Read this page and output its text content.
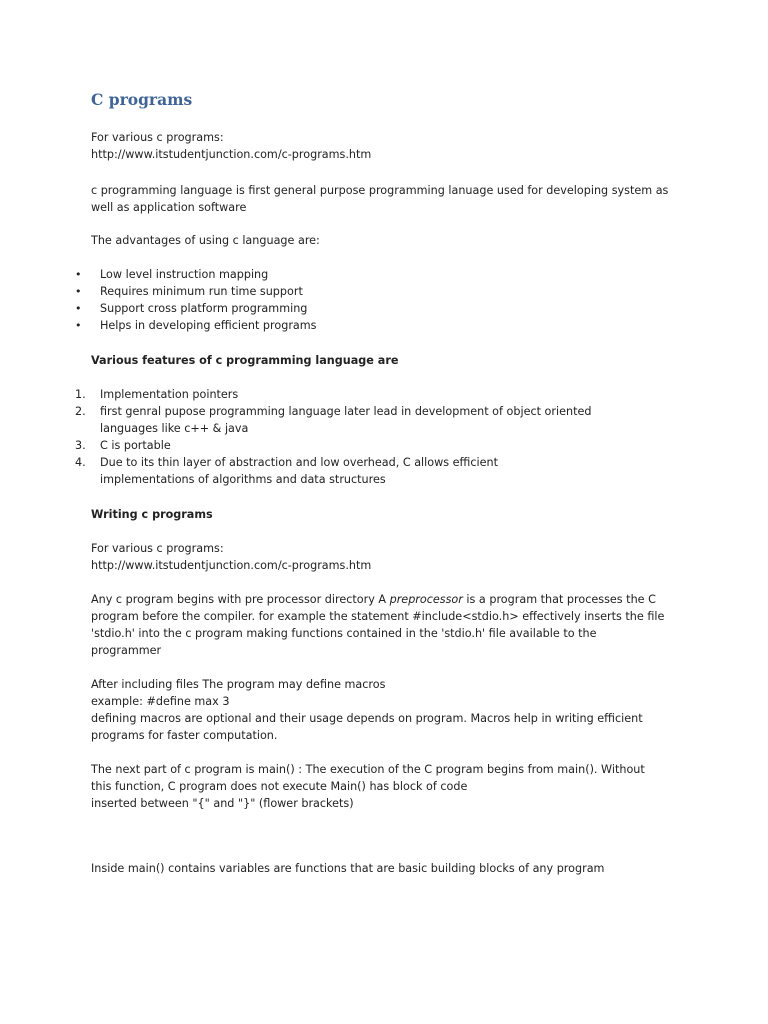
C programs

For various c programs:
http://www.itstudentjunction.com/c-programs.htm

c programming language is first general purpose programming lanuage used for developing system as
well as application software

The advantages of using c language are:

• Low level instruction mapping
• Requires minimum run time support
• Support cross platform programming
• Helps in developing efficient programs

Various features of c programming language are

1. Implementation pointers
2. first genral pupose programming language later lead in development of object oriented
languages like c++ & java
3. C is portable
4. Due to its thin layer of abstraction and low overhead, C allows efficient
implementations of algorithms and data structures

Writing c programs

For various c programs:
http://www.itstudentjunction.com/c-programs.htm

Any c program begins with pre processor directory A preprocessor is a program that processes the C
program before the compiler. for example the statement #include<stdio.h> effectively inserts the file
'stdio.h' into the c program making functions contained in the 'stdio.h' file available to the
programmer

After including files The program may define macros
example: #define max 3
defining macros are optional and their usage depends on program. Macros help in writing efficient
programs for faster computation.

The next part of c program is main() : The execution of the C program begins from main(). Without
this function, C program does not execute Main() has block of code
inserted between "{" and "}" (flower brackets)

Inside main() contains variables are functions that are basic building blocks of any program
